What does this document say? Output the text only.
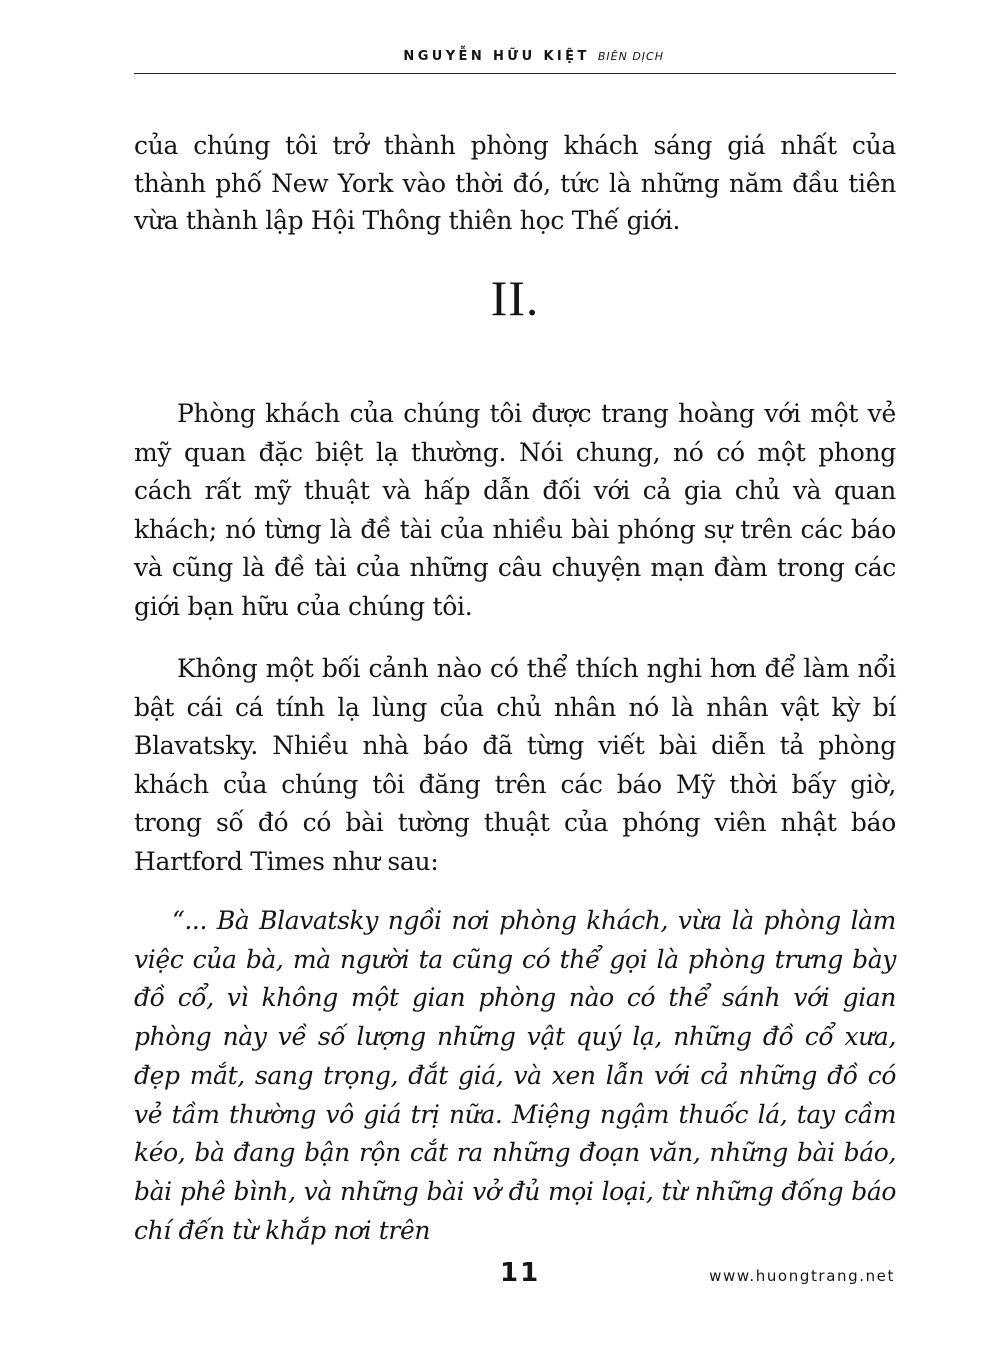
NGUYỄN HỮU KIỆT BIÊN DỊCH

của chúng tôi trở thành phòng khách sáng giá nhất của thành phố New York vào thời đó, tức là những năm đầu tiên vừa thành lập Hội Thông thiên học Thế giới.

II.

Phòng khách của chúng tôi được trang hoàng với một vẻ mỹ quan đặc biệt lạ thường. Nói chung, nó có một phong cách rất mỹ thuật và hấp dẫn đối với cả gia chủ và quan khách; nó từng là đề tài của nhiều bài phóng sự trên các báo và cũng là đề tài của những câu chuyện mạn đàm trong các giới bạn hữu của chúng tôi.

Không một bối cảnh nào có thể thích nghi hơn để làm nổi bật cái cá tính lạ lùng của chủ nhân nó là nhân vật kỳ bí Blavatsky. Nhiều nhà báo đã từng viết bài diễn tả phòng khách của chúng tôi đăng trên các báo Mỹ thời bấy giờ, trong số đó có bài tường thuật của phóng viên nhật báo Hartford Times như sau:

“... Bà Blavatsky ngồi nơi phòng khách, vừa là phòng làm việc của bà, mà người ta cũng có thể gọi là phòng trưng bày đồ cổ, vì không một gian phòng nào có thể sánh với gian phòng này về số lượng những vật quý lạ, những đồ cổ xưa, đẹp mắt, sang trọng, đắt giá, và xen lẫn với cả những đồ có vẻ tầm thường vô giá trị nữa. Miệng ngậm thuốc lá, tay cầm kéo, bà đang bận rộn cắt ra những đoạn văn, những bài báo, bài phê bình, và những bài vở đủ mọi loại, từ những đống báo chí đến từ khắp nơi trên

11	www.huongtrang.net
